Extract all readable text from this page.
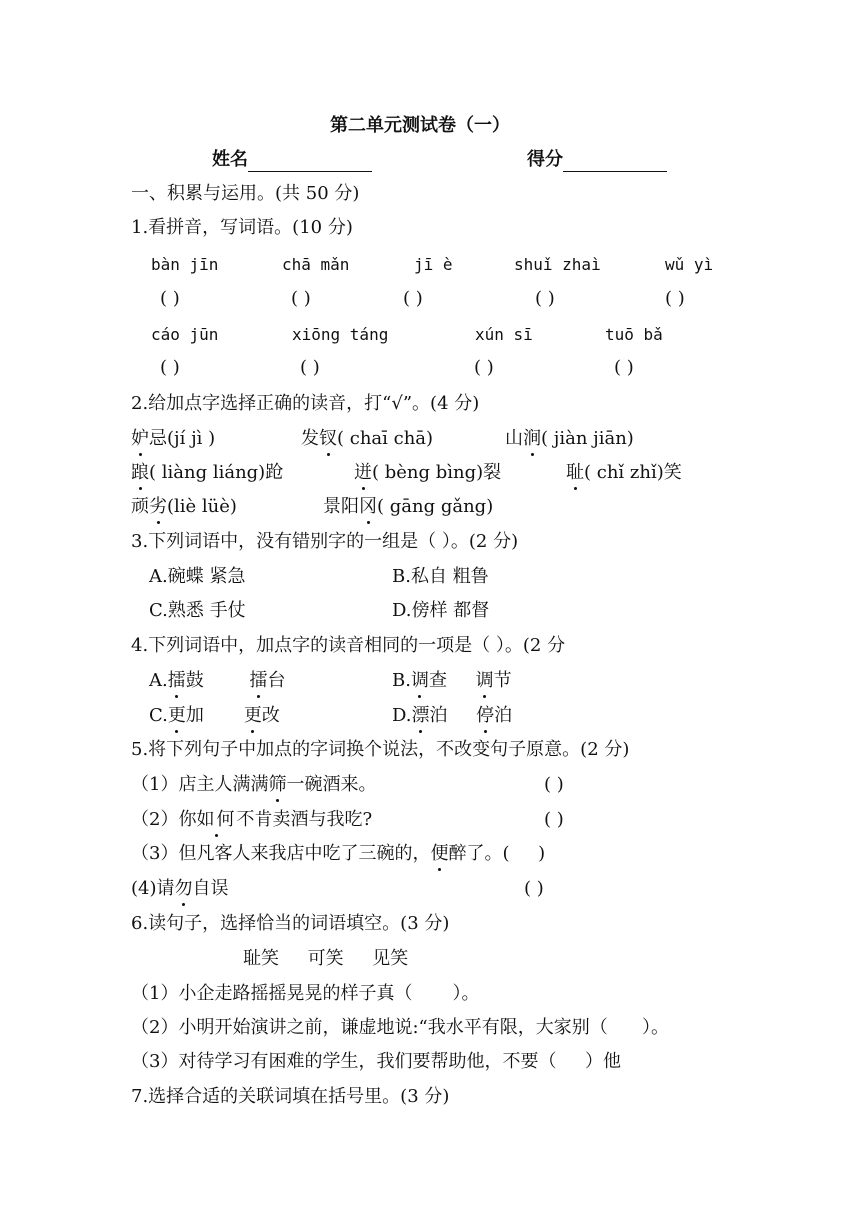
第二单元测试卷（一）
姓名	得分
一、积累与运用。(共 50 分)
1.看拼音，写词语。(10 分)
bàn jīn	chā mǎn	jī è	shuǐ zhaì	wǔ yì
( )	( )	( )	( )	( )
cáo jūn	xiōng táng	xún sī	tuō bǎ
( )	( )	( )	( )
2.给加点字选择正确的读音，打“√”。(4 分)
妒忌(jí jì )	发钗( chaī chā)	山涧( jiàn jiān)
踉( liàng liáng)跄	迸( bèng bìng)裂	耻( chǐ zhǐ)笑
顽劣(liè lüè)	景阳冈( gāng gǎng)
3.下列词语中，没有错别字的一组是（ ）。(2 分)
A.碗蝶 紧急	B.私自 粗鲁
C.熟悉 手仗	D.傍样 都督
4.下列词语中，加点字的读音相同的一项是（ ）。(2 分
A.擂鼓        擂台	B.调查     调节
C.更加       更改	D.漂泊     停泊
5.将下列句子中加点的字词换个说法，不改变句子原意。(2 分)
（1）店主人满满筛一碗酒来。	( )
（2）你如何不肯卖酒与我吃?	( )
（3）但凡客人来我店中吃了三碗的，便醉了。(     )
(4)请勿自误	( )
6.读句子，选择恰当的词语填空。(3 分)
耻笑     可笑     见笑
（1）小企走路摇摇晃晃的样子真（       ）。
（2）小明开始演讲之前，谦虚地说:“我水平有限，大家别（      ）。
（3）对待学习有困难的学生，我们要帮助他，不要（     ）他
7.选择合适的关联词填在括号里。(3 分)
